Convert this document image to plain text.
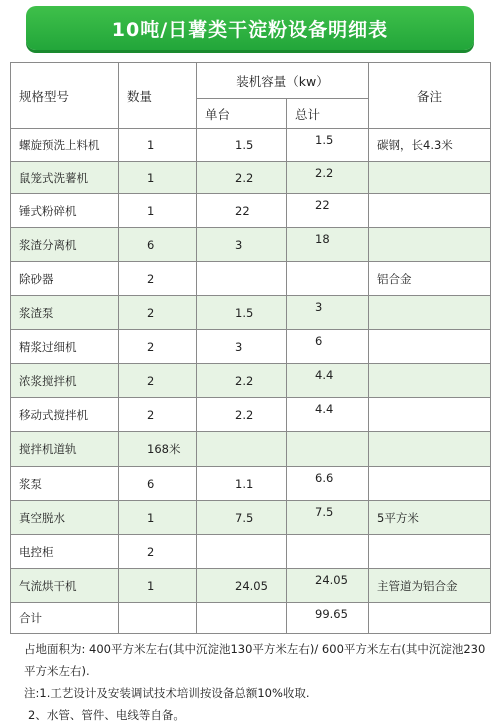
10吨/日薯类干淀粉设备明细表
规格型号	数量	装机容量（kw）		备注
		单台	总计	
螺旋预洗上料机	1	1.5	1.5	碳钢，长4.3米
鼠笼式洗薯机	1	2.2	2.2	
锤式粉碎机	1	22	22	
浆渣分离机	6	3	18	
除砂器	2			铝合金
浆渣泵	2	1.5	3	
精浆过细机	2	3	6	
浓浆搅拌机	2	2.2	4.4	
移动式搅拌机	2	2.2	4.4	
搅拌机道轨	168米			
浆泵	6	1.1	6.6	
真空脱水	1	7.5	7.5	5平方米
电控柜	2			
气流烘干机	1	24.05	24.05	主管道为铝合金
合计			99.65	
占地面积为: 400平方米左右(其中沉淀池130平方米左右)/ 600平方米左右(其中沉淀池230平方米左右).
注:1.工艺设计及安装调试技术培训按设备总额10%收取.
2、水管、管件、电线等自备。
